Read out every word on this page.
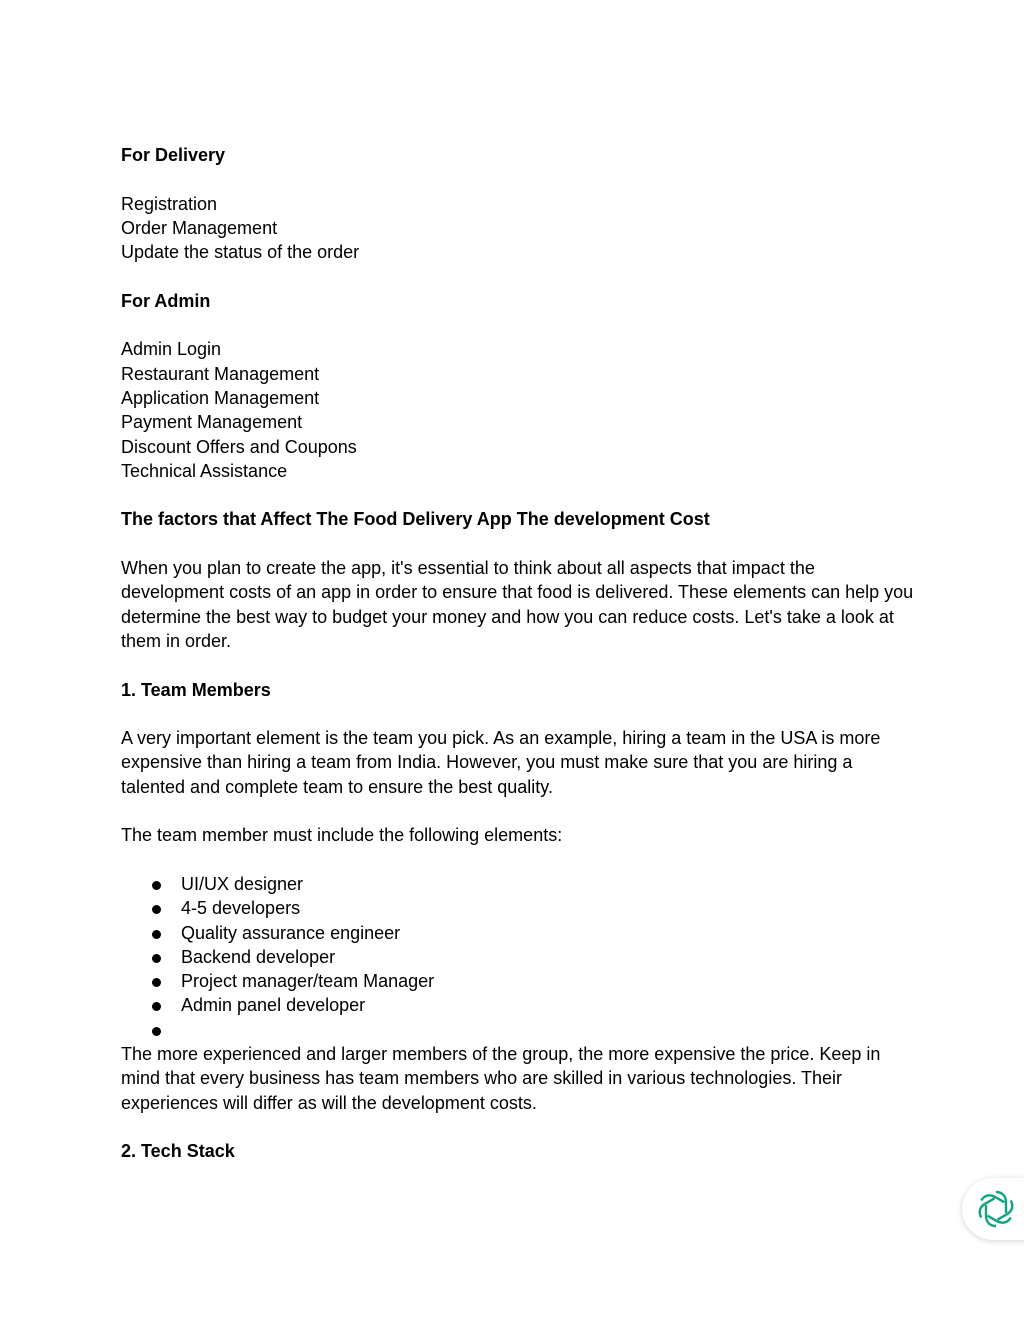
For Delivery

Registration

Order Management

Update the status of the order

For Admin

Admin Login

Restaurant Management

Application Management

Payment Management

Discount Offers and Coupons

Technical Assistance

The factors that Affect The Food Delivery App The development Cost

When you plan to create the app, it's essential to think about all aspects that impact the development costs of an app in order to ensure that food is delivered. These elements can help you determine the best way to budget your money and how you can reduce costs. Let's take a look at them in order.

1. Team Members

A very important element is the team you pick. As an example, hiring a team in the USA is more expensive than hiring a team from India. However, you must make sure that you are hiring a talented and complete team to ensure the best quality.

The team member must include the following elements:

UI/UX designer
4-5 developers
Quality assurance engineer
Backend developer
Project manager/team Manager
Admin panel developer

The more experienced and larger members of the group, the more expensive the price. Keep in mind that every business has team members who are skilled in various technologies. Their experiences will differ as will the development costs.

2. Tech Stack
